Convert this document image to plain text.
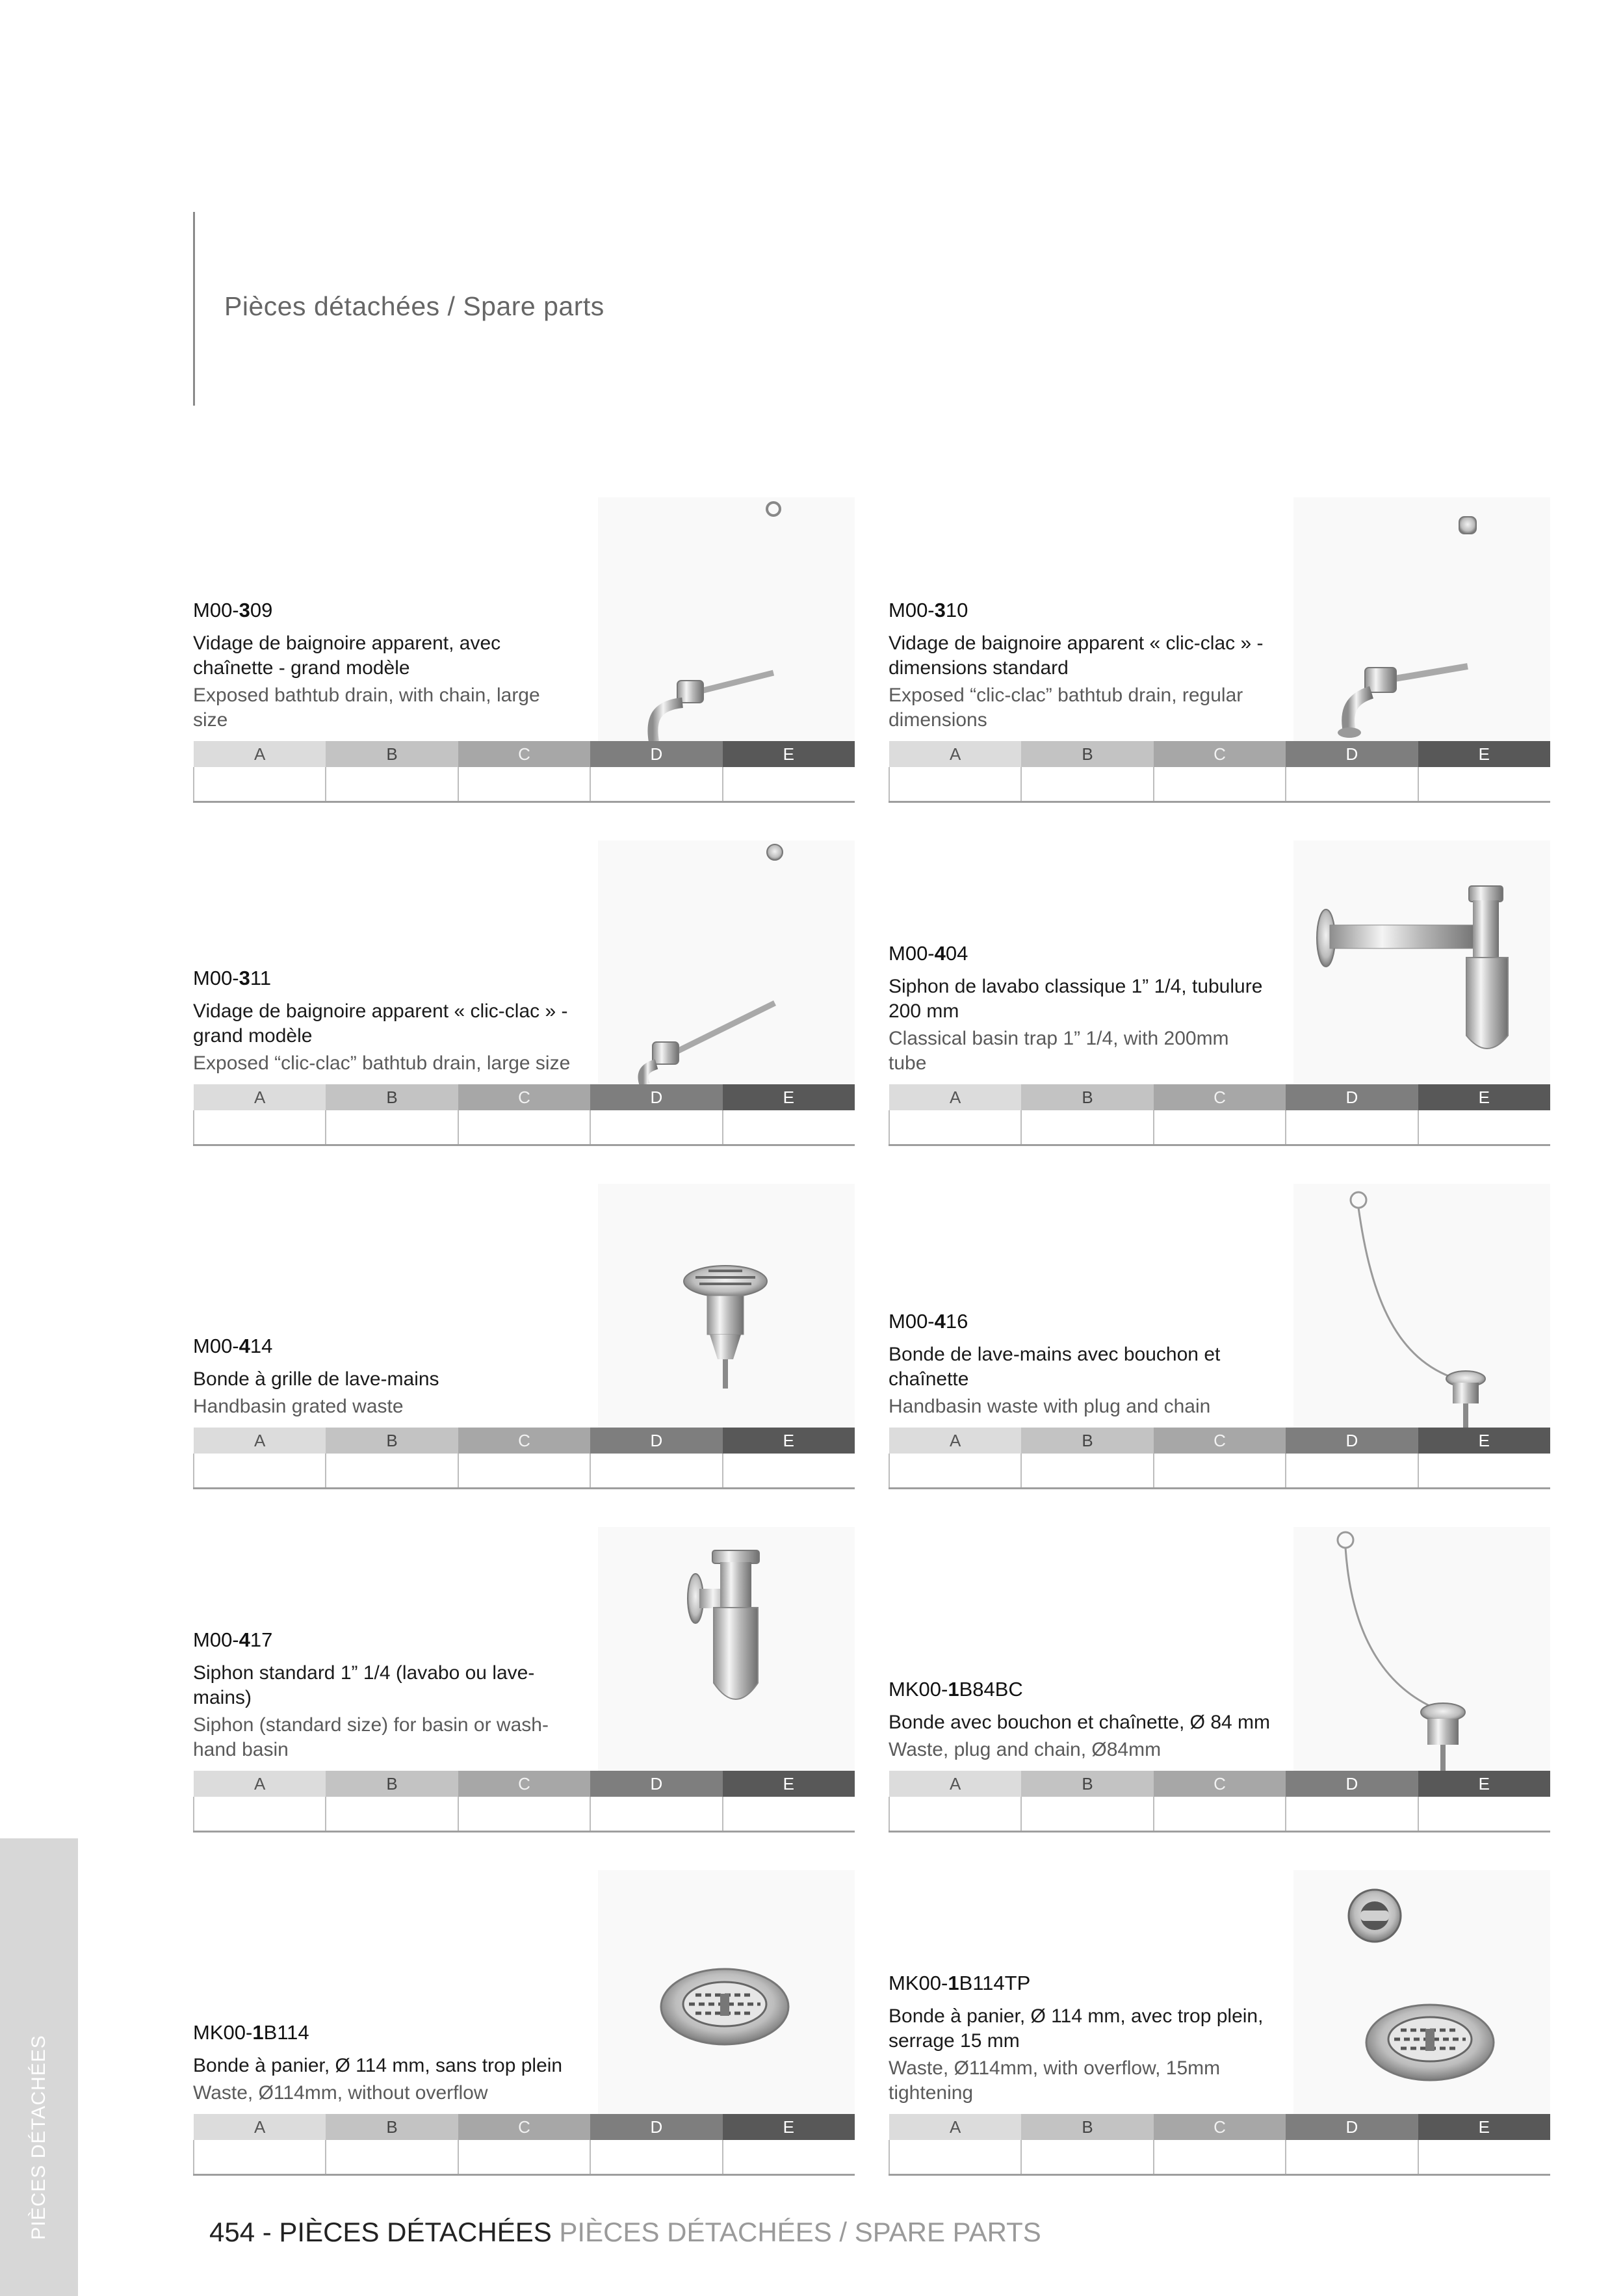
Pièces détachées / Spare parts
M00-309
Vidage de baignoire apparent, avec chaînette - grand modèle
Exposed bathtub drain, with chain, large size
A	B	C	D	E

M00-310
Vidage de baignoire apparent « clic-clac » - dimensions standard
Exposed “clic-clac” bathtub drain, regular dimensions
A	B	C	D	E

M00-311
Vidage de baignoire apparent « clic-clac » - grand modèle
Exposed “clic-clac” bathtub drain, large size
A	B	C	D	E

M00-404
Siphon de lavabo classique 1” 1/4, tubulure 200 mm
Classical basin trap 1” 1/4, with 200mm tube
A	B	C	D	E

M00-414
Bonde à grille de lave-mains
Handbasin grated waste
A	B	C	D	E

M00-416
Bonde de lave-mains avec bouchon et chaînette
Handbasin waste with plug and chain
A	B	C	D	E

M00-417
Siphon standard 1” 1/4 (lavabo ou lave-mains)
Siphon (standard size) for basin or wash-hand basin
A	B	C	D	E

MK00-1B84BC
Bonde avec bouchon et chaînette, Ø 84 mm
Waste, plug and chain, Ø84mm
A	B	C	D	E

MK00-1B114
Bonde à panier, Ø 114 mm, sans trop plein
Waste, Ø114mm, without overflow
A	B	C	D	E

MK00-1B114TP
Bonde à panier, Ø 114 mm, avec trop plein, serrage 15 mm
Waste, Ø114mm, with overflow, 15mm tightening
A	B	C	D	E

PIÈCES DÉTACHÉES	454 - PIÈCES DÉTACHÉES PIÈCES DÉTACHÉES / SPARE PARTS
